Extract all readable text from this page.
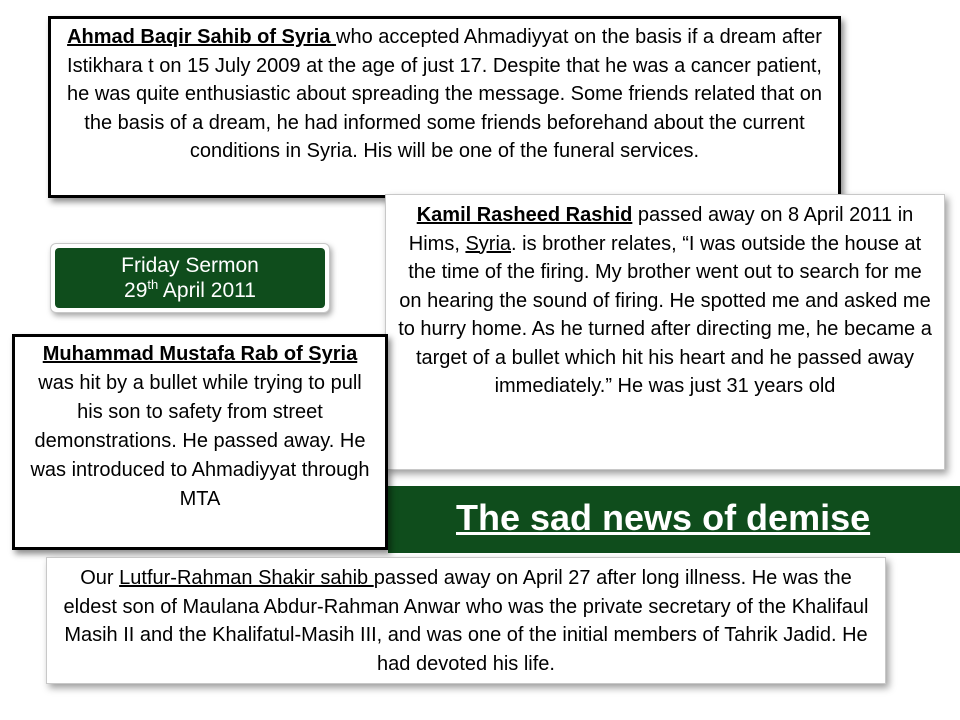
Ahmad Baqir Sahib of Syria who accepted Ahmadiyyat on the basis if a dream after Istikhara t on 15 July 2009 at the age of just 17. Despite that he was a cancer patient, he was quite enthusiastic about spreading the message. Some friends related that on the basis of a dream, he had informed some friends beforehand about the current conditions in Syria. His will be one of the funeral services.
Kamil Rasheed Rashid passed away on 8 April 2011 in Hims, Syria. is brother relates, “I was outside the house at the time of the firing. My brother went out to search for me on hearing the sound of firing. He spotted me and asked me to hurry home. As he turned after directing me, he became a target of a bullet which hit his heart and he passed away immediately.” He was just 31 years old
Friday Sermon
29th April 2011
The sad news of demise
Muhammad Mustafa Rab of Syria was hit by a bullet while trying to pull his son to safety from street demonstrations. He passed away. He was introduced to Ahmadiyyat through MTA
Our Lutfur-Rahman Shakir sahib passed away on April 27 after long illness. He was the eldest son of Maulana Abdur-Rahman Anwar who was the private secretary of the Khalifaul Masih II and the Khalifatul-Masih III, and was one of the initial members of Tahrik Jadid. He had devoted his life.
